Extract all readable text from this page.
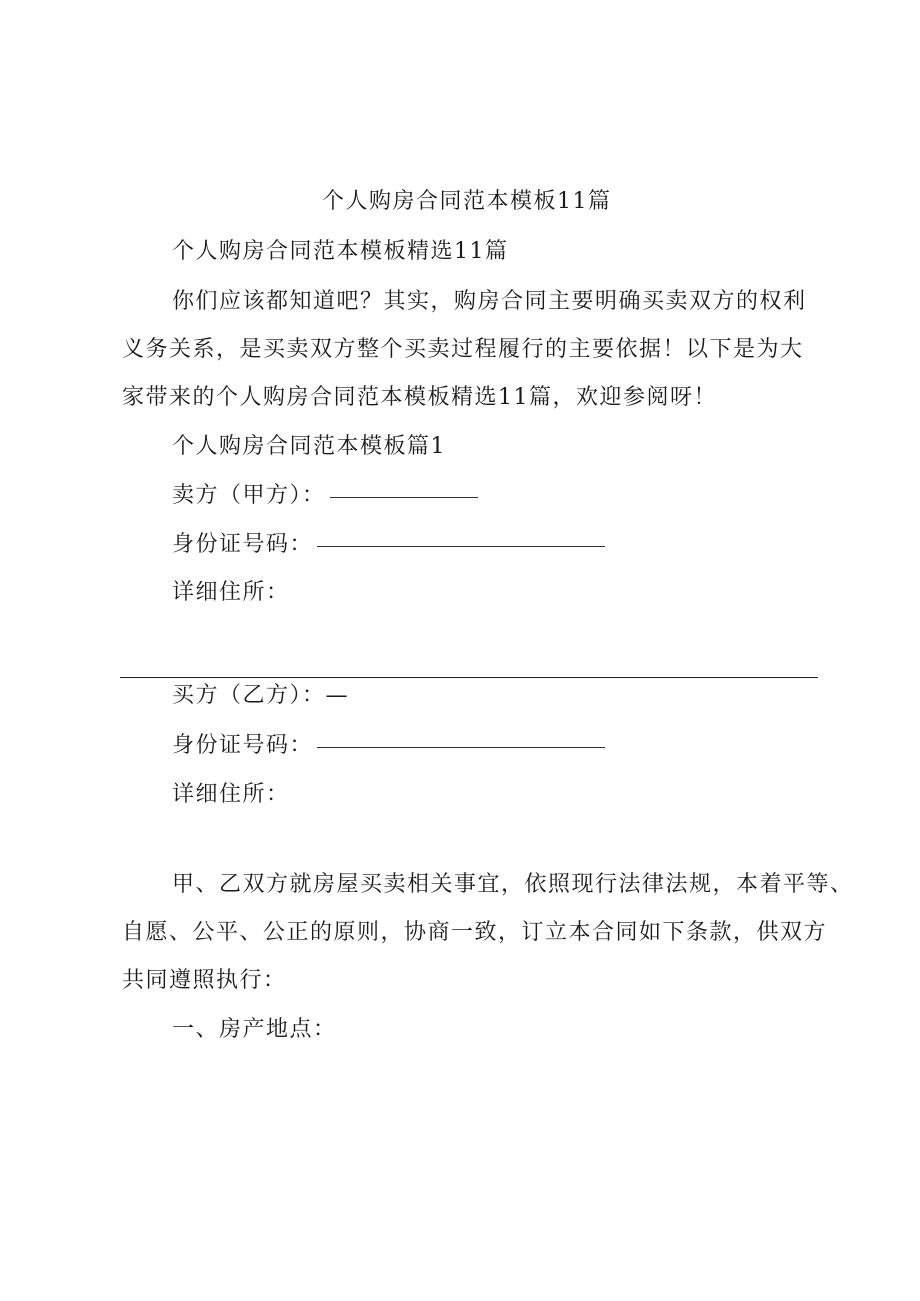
个人购房合同范本模板11篇
个人购房合同范本模板精选11篇
你们应该都知道吧？其实，购房合同主要明确买卖双方的权利
义务关系，是买卖双方整个买卖过程履行的主要依据！以下是为大
家带来的个人购房合同范本模板精选11篇，欢迎参阅呀！
个人购房合同范本模板篇1
卖方（甲方）：
身份证号码：
详细住所：
买方（乙方）：—
身份证号码：
详细住所：
甲、乙双方就房屋买卖相关事宜，依照现行法律法规，本着平等、
自愿、公平、公正的原则，协商一致，订立本合同如下条款，供双方
共同遵照执行：
一、房产地点：
